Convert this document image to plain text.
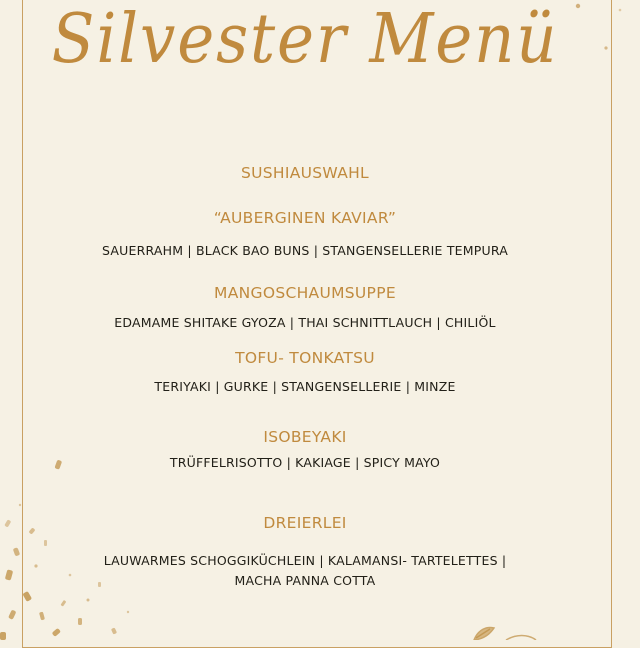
Silvester Menü
SUSHIAUSWAHL
“AUBERGINEN KAVIAR”
SAUERRAHM | BLACK BAO BUNS | STANGENSELLERIE TEMPURA
MANGOSCHAUMSUPPE
EDAMAME SHITAKE GYOZA | THAI SCHNITTLAUCH | CHILIÖL
TOFU- TONKATSU
TERIYAKI | GURKE | STANGENSELLERIE | MINZE
ISOBEYAKI
TRÜFFELRISOTTO | KAKIAGE | SPICY MAYO
DREIERLEI
LAUWARMES SCHOGGIKÜCHLEIN | KALAMANSI- TARTELETTES |
MACHA PANNA COTTA
